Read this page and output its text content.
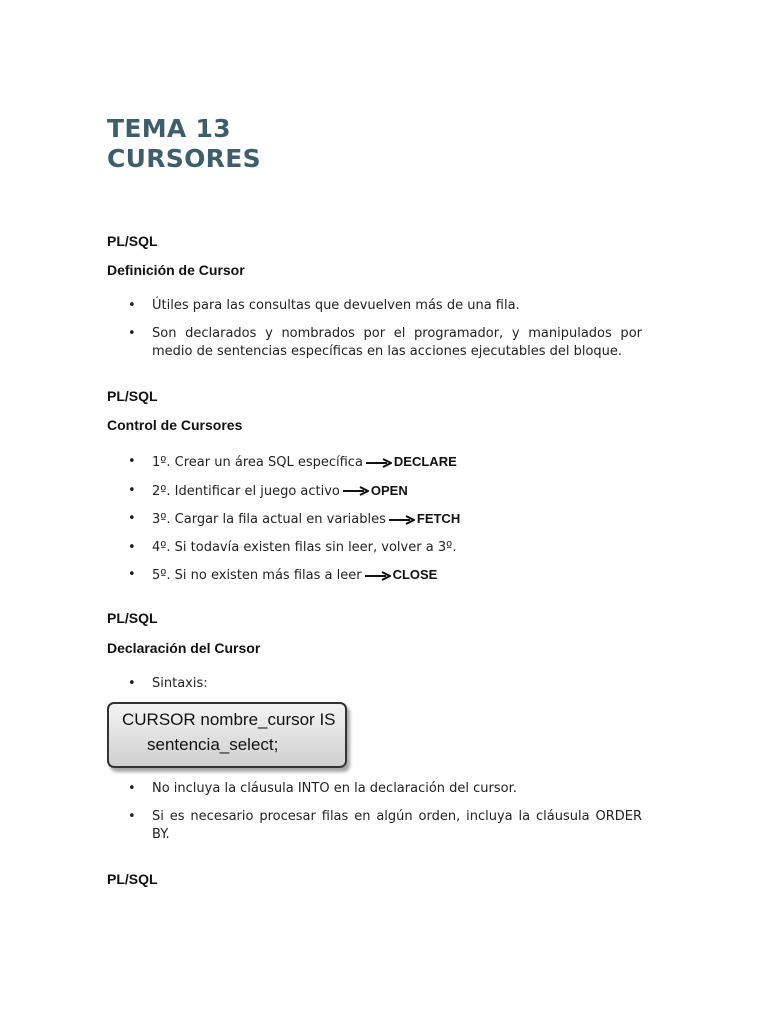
TEMA 13
CURSORES
PL/SQL
Definición de Cursor
• Útiles para las consultas que devuelven más de una fila.
• Son declarados y nombrados por el programador, y manipulados por medio de sentencias específicas en las acciones ejecutables del bloque.
PL/SQL
Control de Cursores
• 1º. Crear un área SQL específica DECLARE
• 2º. Identificar el juego activo OPEN
• 3º. Cargar la fila actual en variables FETCH
• 4º. Si todavía existen filas sin leer, volver a 3º.
• 5º. Si no existen más filas a leer CLOSE
PL/SQL
Declaración del Cursor
• Sintaxis:
CURSOR nombre_cursor IS
sentencia_select;
• No incluya la cláusula INTO en la declaración del cursor.
• Si es necesario procesar filas en algún orden, incluya la cláusula ORDER BY.
PL/SQL
